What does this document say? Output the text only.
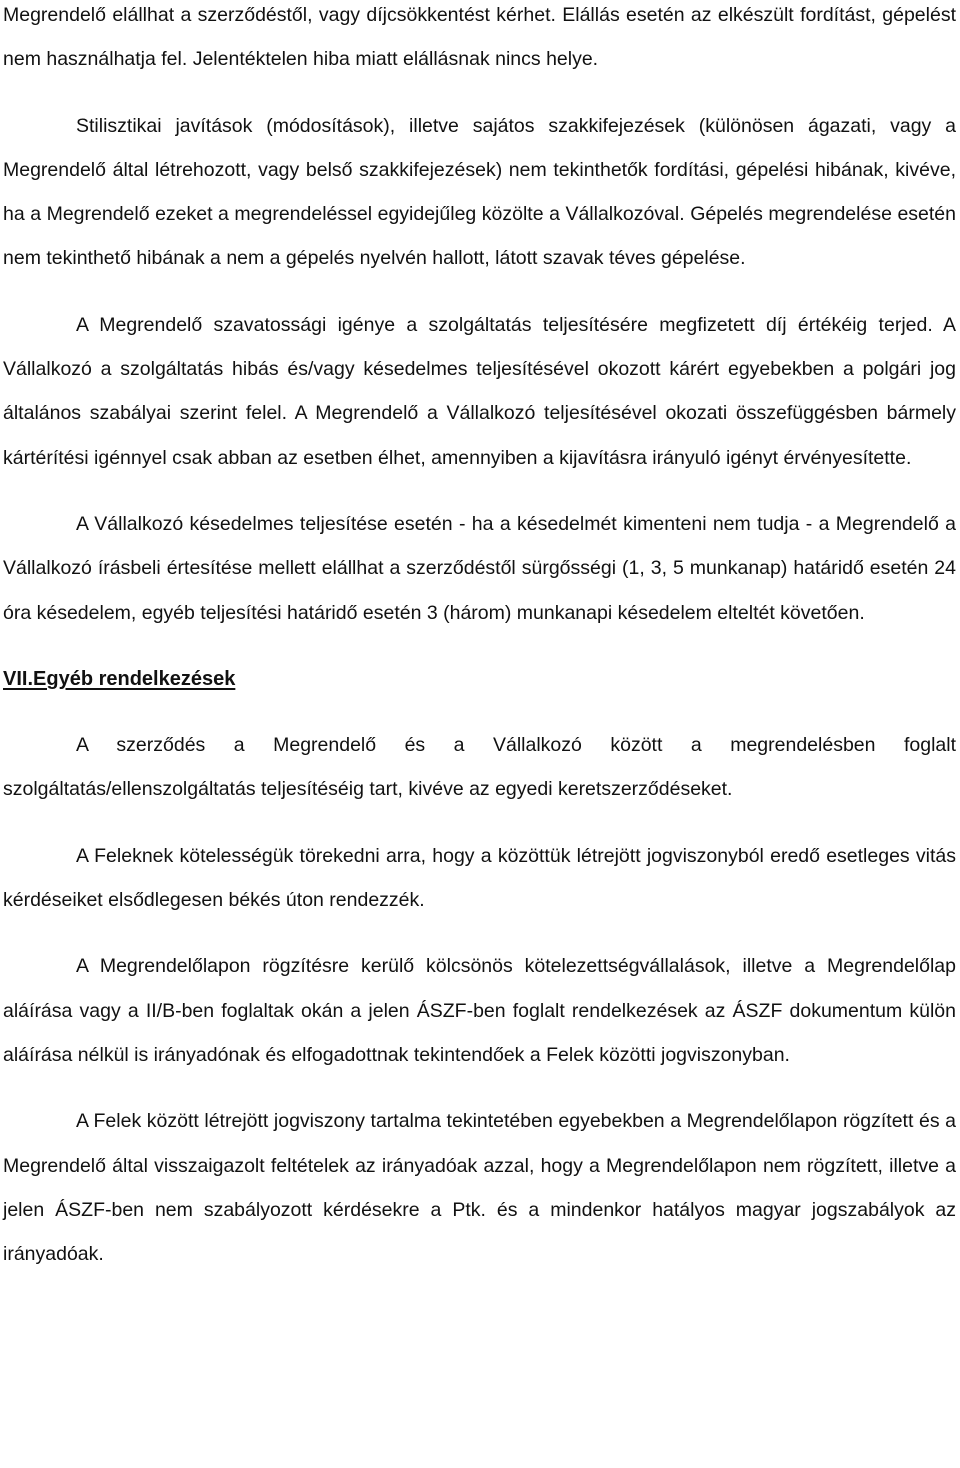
Megrendelő elállhat a szerződéstől, vagy díjcsökkentést kérhet. Elállás esetén az elkészült fordítást, gépelést nem használhatja fel. Jelentéktelen hiba miatt elállásnak nincs helye.

Stilisztikai javítások (módosítások), illetve sajátos szakkifejezések (különösen ágazati, vagy a Megrendelő által létrehozott, vagy belső szakkifejezések) nem tekinthetők fordítási, gépelési hibának, kivéve, ha a Megrendelő ezeket a megrendeléssel egyidejűleg közölte a Vállalkozóval. Gépelés megrendelése esetén nem tekinthető hibának a nem a gépelés nyelvén hallott, látott szavak téves gépelése.

A Megrendelő szavatossági igénye a szolgáltatás teljesítésére megfizetett díj értékéig terjed. A Vállalkozó a szolgáltatás hibás és/vagy késedelmes teljesítésével okozott kárért egyebekben a polgári jog általános szabályai szerint felel. A Megrendelő a Vállalkozó teljesítésével okozati összefüggésben bármely kártérítési igénnyel csak abban az esetben élhet, amennyiben a kijavításra irányuló igényt érvényesítette.

A Vállalkozó késedelmes teljesítése esetén - ha a késedelmét kimenteni nem tudja - a Megrendelő a Vállalkozó írásbeli értesítése mellett elállhat a szerződéstől sürgősségi (1, 3, 5 munkanap) határidő esetén 24 óra késedelem, egyéb teljesítési határidő esetén 3 (három) munkanapi késedelem elteltét követően.

VII.Egyéb rendelkezések

A szerződés a Megrendelő és a Vállalkozó között a megrendelésben foglalt szolgáltatás/ellenszolgáltatás teljesítéséig tart, kivéve az egyedi keretszerződéseket.

A Feleknek kötelességük törekedni arra, hogy a közöttük létrejött jogviszonyból eredő esetleges vitás kérdéseiket elsődlegesen békés úton rendezzék.

A Megrendelőlapon rögzítésre kerülő kölcsönös kötelezettségvállalások, illetve a Megrendelőlap aláírása vagy a II/B-ben foglaltak okán a jelen ÁSZF-ben foglalt rendelkezések az ÁSZF dokumentum külön aláírása nélkül is irányadónak és elfogadottnak tekintendőek a Felek közötti jogviszonyban.

A Felek között létrejött jogviszony tartalma tekintetében egyebekben a Megrendelőlapon rögzített és a Megrendelő által visszaigazolt feltételek az irányadóak azzal, hogy a Megrendelőlapon nem rögzített, illetve a jelen ÁSZF-ben nem szabályozott kérdésekre a Ptk. és a mindenkor hatályos magyar jogszabályok az irányadóak.
